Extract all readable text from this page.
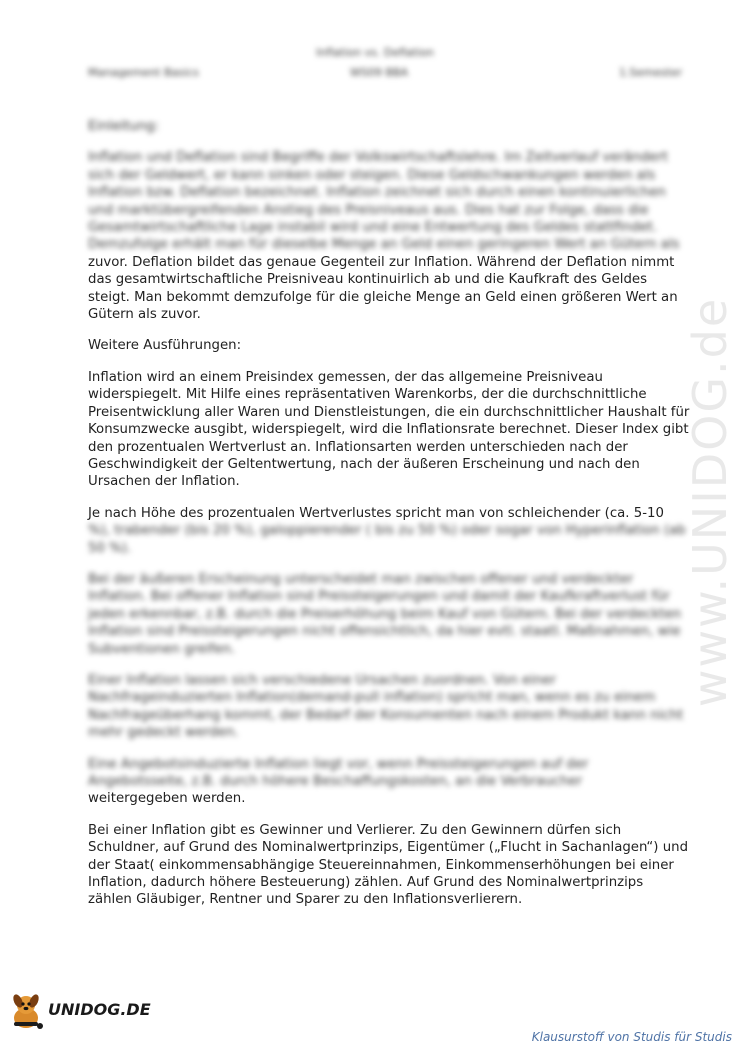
Inflation vs. Deflation
Management Basics	WS09 BBA	1.Semester
www.UNIDOG.de

Einleitung:

Inflation und Deflation sind Begriffe der Volkswirtschaftslehre. Im Zeitverlauf verändert sich der Geldwert, er kann sinken oder steigen. Diese Geldschwankungen werden als Inflation bzw. Deflation bezeichnet. Inflation zeichnet sich durch einen kontinuierlichen und marktübergreifenden Anstieg des Preisniveaus aus. Dies hat zur Folge, dass die Gesamtwirtschaftliche Lage instabil wird und eine Entwertung des Geldes stattfindet. Demzufolge erhält man für dieselbe Menge an Geld einen geringeren Wert an Gütern als
zuvor. Deflation bildet das genaue Gegenteil zur Inflation. Während der Deflation nimmt das gesamtwirtschaftliche Preisniveau kontinuirlich ab und die Kaufkraft des Geldes steigt. Man bekommt demzufolge für die gleiche Menge an Geld einen größeren Wert an Gütern als zuvor.

Weitere Ausführungen:

Inflation wird an einem Preisindex gemessen, der das allgemeine Preisniveau widerspiegelt. Mit Hilfe eines repräsentativen Warenkorbs, der die durchschnittliche Preisentwicklung aller Waren und Dienstleistungen, die ein durchschnittlicher Haushalt für Konsumzwecke ausgibt, widerspiegelt, wird die Inflationsrate berechnet. Dieser Index gibt den prozentualen Wertverlust an. Inflationsarten werden unterschieden nach der Geschwindigkeit der Geltentwertung, nach der äußeren Erscheinung und nach den Ursachen der Inflation.

Je nach Höhe des prozentualen Wertverlustes spricht man von schleichender (ca. 5-10
%), trabender (bis 20 %), galoppierender ( bis zu 50 %) oder sogar von Hyperinflation (ab 50 %).

Bei der äußeren Erscheinung unterscheidet man zwischen offener und verdeckter Inflation. Bei offener Inflation sind Preissteigerungen und damit der Kaufkraftverlust für jeden erkennbar, z.B. durch die Preiserhöhung beim Kauf von Gütern. Bei der verdeckten Inflation sind Preissteigerungen nicht offensichtlich, da hier evtl. staatl. Maßnahmen, wie Subventionen greifen.

Einer Inflation lassen sich verschiedene Ursachen zuordnen. Von einer Nachfrageinduzierten Inflation(demand-pull inflation) spricht man, wenn es zu einem Nachfrageüberhang kommt, der Bedarf der Konsumenten nach einem Produkt kann nicht mehr gedeckt werden.

Eine Angebotsinduzierte Inflation liegt vor, wenn Preissteigerungen auf der Angebotsseite, z.B. durch höhere Beschaffungskosten, an die Verbraucher
weitergegeben werden.

Bei einer Inflation gibt es Gewinner und Verlierer. Zu den Gewinnern dürfen sich Schuldner, auf Grund des Nominalwertprinzips, Eigentümer („Flucht in Sachanlagen“) und der Staat( einkommensabhängige Steuereinnahmen, Einkommenserhöhungen bei einer Inflation, dadurch höhere Besteuerung) zählen. Auf Grund des Nominalwertprinzips zählen Gläubiger, Rentner und Sparer zu den Inflationsverlierern.

UNIDOG.DE
Klausurstoff von Studis für Studis
